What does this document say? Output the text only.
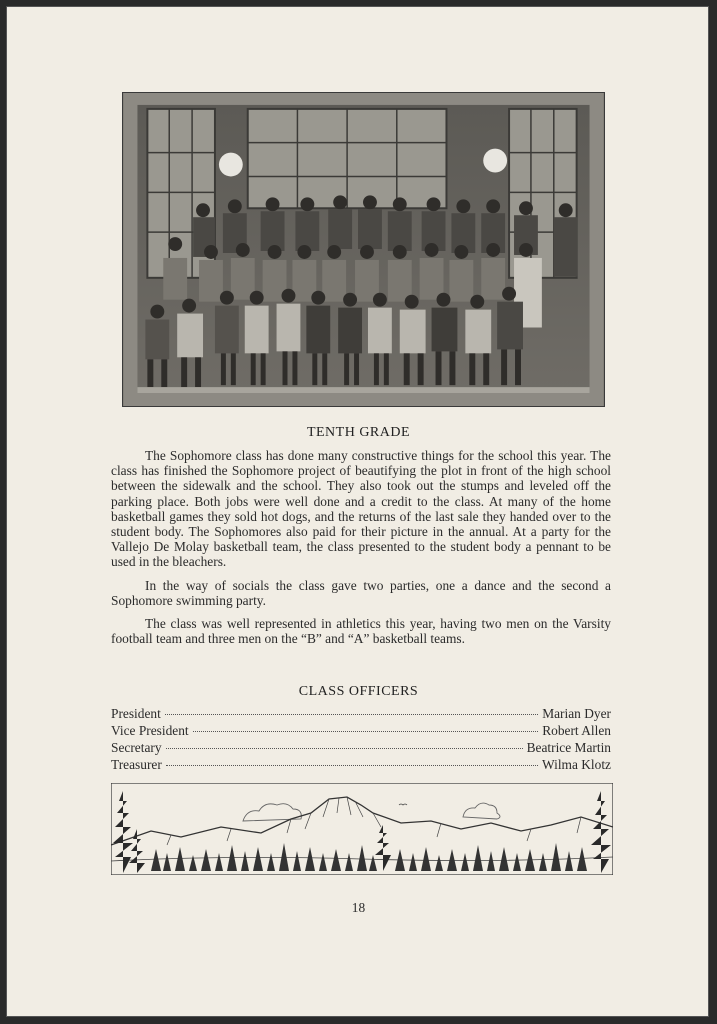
TENTH GRADE

The Sophomore class has done many constructive things for the school this year. The class has finished the Sophomore project of beautifying the plot in front of the high school between the sidewalk and the school. They also took out the stumps and leveled off the parking place. Both jobs were well done and a credit to the class. At many of the home basketball games they sold hot dogs, and the returns of the last sale they handed over to the student body. The Sophomores also paid for their picture in the annual. At a party for the Vallejo De Molay basketball team, the class presented to the student body a pennant to be used in the bleachers.

In the way of socials the class gave two parties, one a dance and the second a Sophomore swimming party.

The class was well represented in athletics this year, having two men on the Varsity football team and three men on the “B” and “A” basketball teams.

CLASS OFFICERS
President	Marian Dyer
Vice President	Robert Allen
Secretary	Beatrice Martin
Treasurer	Wilma Klotz
18
